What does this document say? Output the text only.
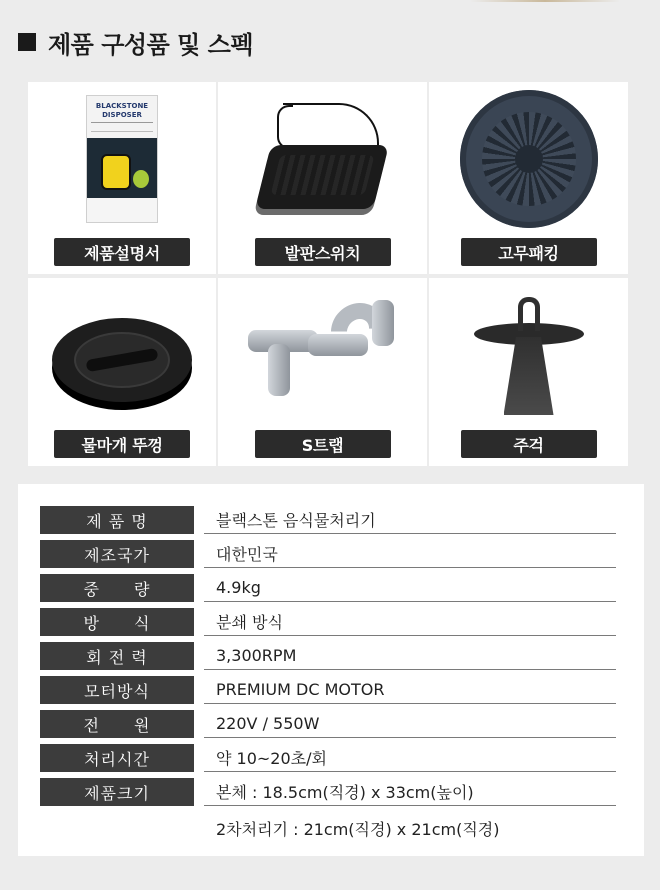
제품 구성품 및 스펙
BLACKSTONE
DISPOSER
제품설명서	발판스위치	고무패킹
물마개 뚜껑	S트랩	주걱
제 품 명	블랙스톤 음식물처리기
제조국가	대한민국
중　　량	4.9kg
방　　식	분쇄 방식
회 전 력	3,300RPM
모터방식	PREMIUM DC MOTOR
전　　원	220V / 550W
처리시간	약 10~20초/회
제품크기	본체 : 18.5cm(직경) x 33cm(높이)
2차처리기 : 21cm(직경) x 21cm(직경)
